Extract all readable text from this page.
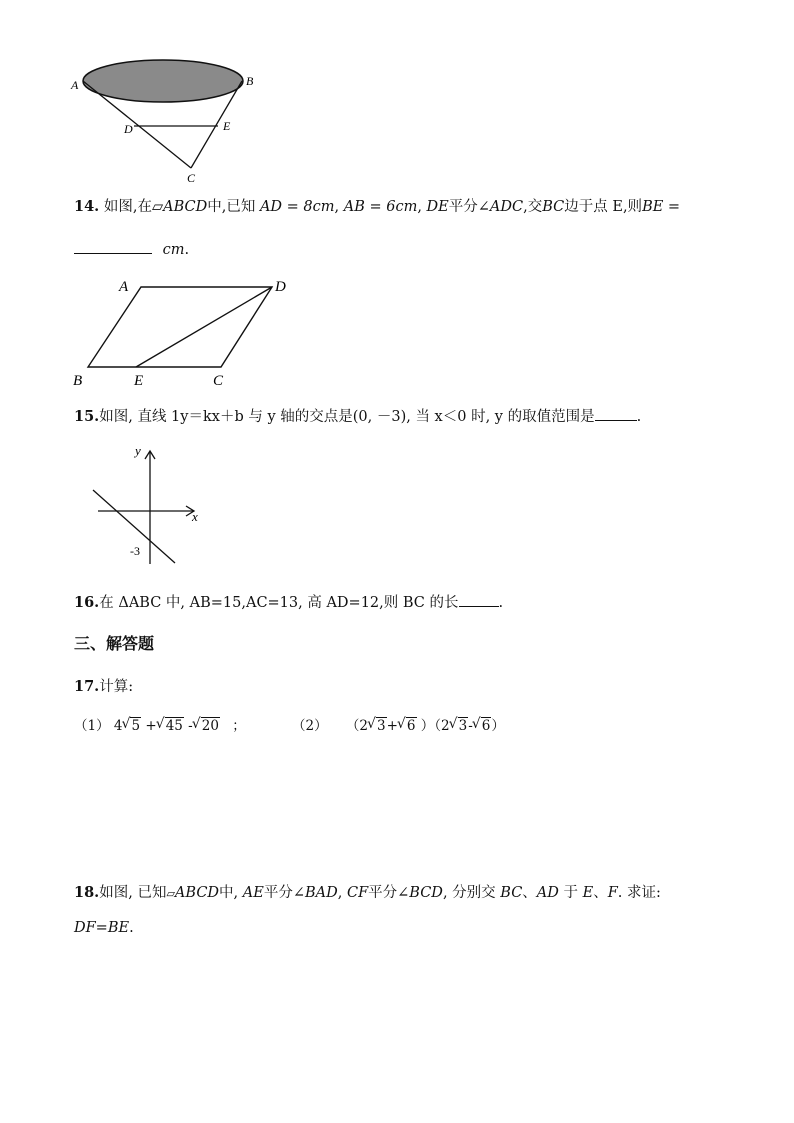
A	B
D	E
C
14. 如图,在▱ABCD中,已知 AD = 8cm, AB = 6cm, DE平分∠ADC,交BC边于点 E,则BE =
cm.
A	D
B	E	C
15.如图, 直线 1y＝kx＋b 与 y 轴的交点是(0, －3), 当 x＜0 时, y 的取值范围是	.
y
x
-3
16.在 ΔABC 中, AB=15,AC=13, 高 AD=12,则 BC 的长	.
三、解答题
17.计算:
（1） 4 √ 5 + √ 45 - √ 20 ；	（2） （2 √ 3+ √ 6 ）（2 √ 3- √ 6）
18.如图, 已知▱ABCD中, AE平分∠BAD, CF平分∠BCD, 分别交 BC、AD 于 E、F. 求证:
DF=BE.
